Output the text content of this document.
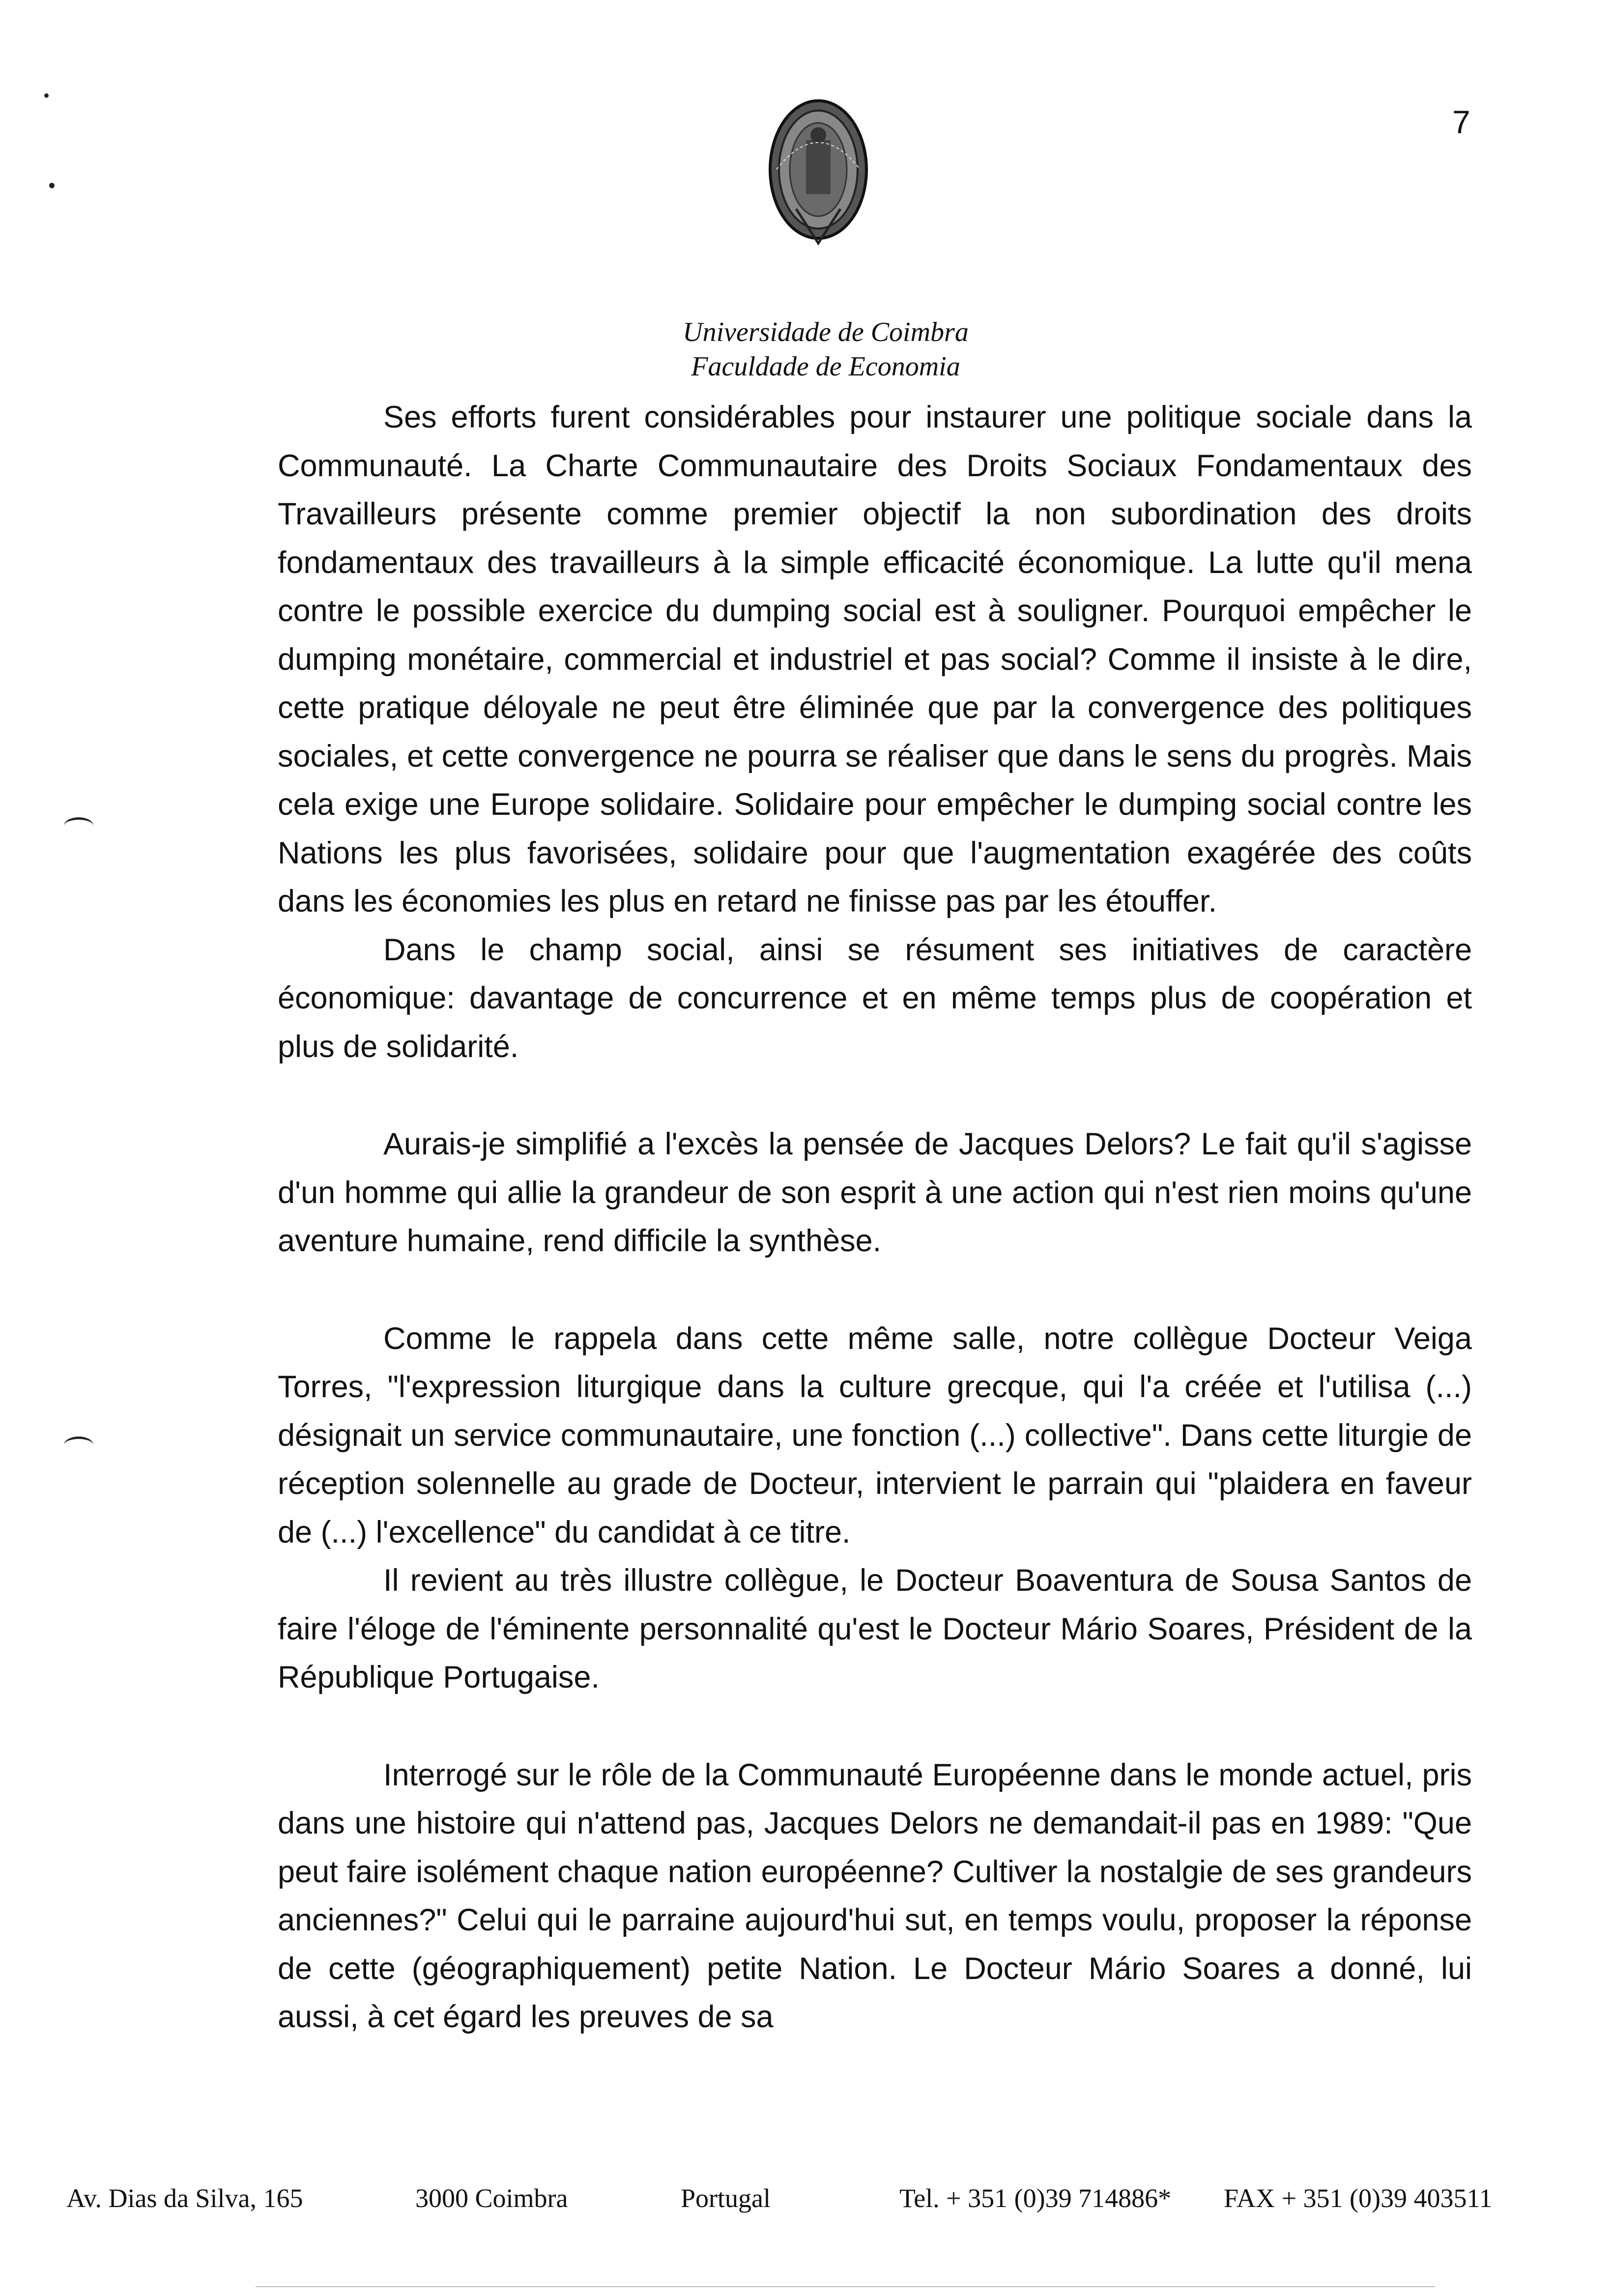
7
Universidade de Coimbra
Faculdade de Economia

Ses efforts furent considérables pour instaurer une politique sociale dans la Communauté. La Charte Communautaire des Droits Sociaux Fondamentaux des Travailleurs présente comme premier objectif la non subordination des droits fondamentaux des travailleurs à la simple efficacité économique. La lutte qu'il mena contre le possible exercice du dumping social est à souligner. Pourquoi empêcher le dumping monétaire, commercial et industriel et pas social? Comme il insiste à le dire, cette pratique déloyale ne peut être éliminée que par la convergence des politiques sociales, et cette convergence ne pourra se réaliser que dans le sens du progrès. Mais cela exige une Europe solidaire. Solidaire pour empêcher le dumping social contre les Nations les plus favorisées, solidaire pour que l'augmentation exagérée des coûts dans les économies les plus en retard ne finisse pas par les étouffer.

Dans le champ social, ainsi se résument ses initiatives de caractère économique: davantage de concurrence et en même temps plus de coopération et plus de solidarité.

Aurais-je simplifié a l'excès la pensée de Jacques Delors? Le fait qu'il s'agisse d'un homme qui allie la grandeur de son esprit à une action qui n'est rien moins qu'une aventure humaine, rend difficile la synthèse.

Comme le rappela dans cette même salle, notre collègue Docteur Veiga Torres, "l'expression liturgique dans la culture grecque, qui l'a créée et l'utilisa (...) désignait un service communautaire, une fonction (...) collective". Dans cette liturgie de réception solennelle au grade de Docteur, intervient le parrain qui "plaidera en faveur de (...) l'excellence" du candidat à ce titre.

Il revient au très illustre collègue, le Docteur Boaventura de Sousa Santos de faire l'éloge de l'éminente personnalité qu'est le Docteur Mário Soares, Président de la République Portugaise.

Interrogé sur le rôle de la Communauté Européenne dans le monde actuel, pris dans une histoire qui n'attend pas, Jacques Delors ne demandait-il pas en 1989: "Que peut faire isolément chaque nation européenne? Cultiver la nostalgie de ses grandeurs anciennes?" Celui qui le parraine aujourd'hui sut, en temps voulu, proposer la réponse de cette (géographiquement) petite Nation. Le Docteur Mário Soares a donné, lui aussi, à cet égard les preuves de sa

Av. Dias da Silva, 165	3000 Coimbra	Portugal	Tel. + 351 (0)39 714886* FAX + 351 (0)39 403511
